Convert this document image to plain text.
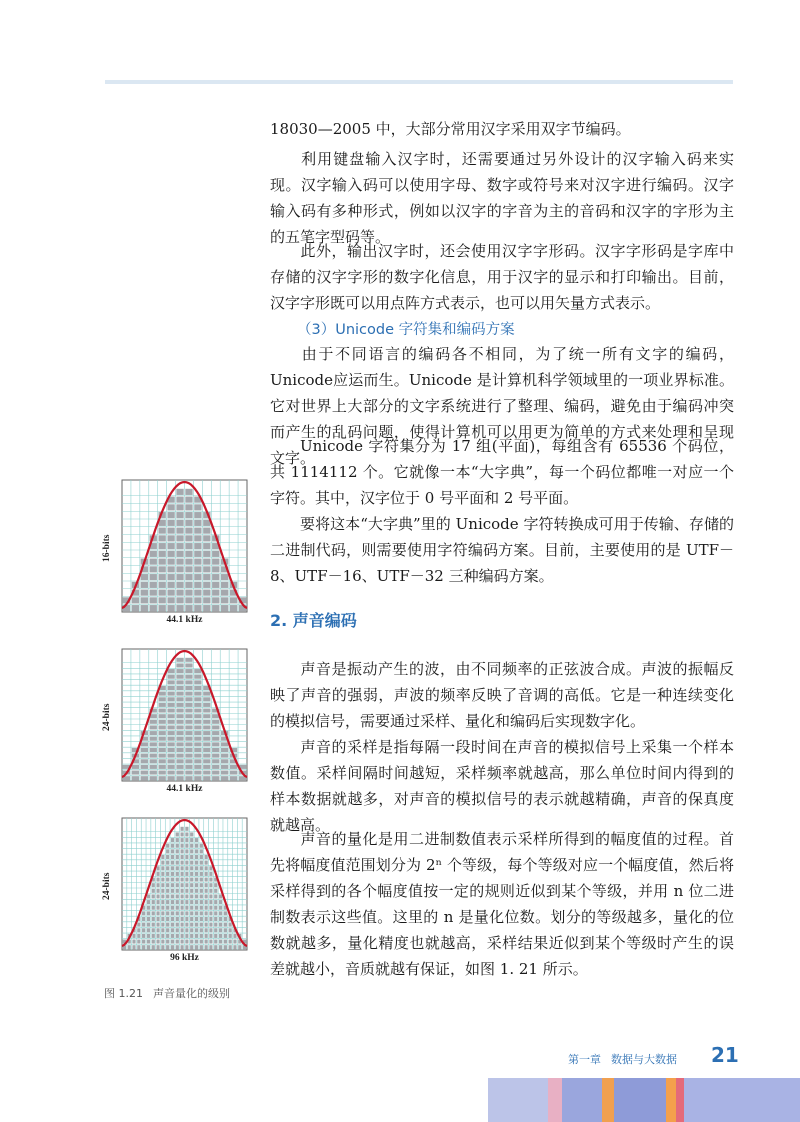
18030—2005 中，大部分常用汉字采用双字节编码。

利用键盘输入汉字时，还需要通过另外设计的汉字输入码来实现。汉字输入码可以使用字母、数字或符号来对汉字进行编码。汉字输入码有多种形式，例如以汉字的字音为主的音码和汉字的字形为主的五笔字型码等。

此外，输出汉字时，还会使用汉字字形码。汉字字形码是字库中存储的汉字字形的数字化信息，用于汉字的显示和打印输出。目前，汉字字形既可以用点阵方式表示，也可以用矢量方式表示。

（3）Unicode 字符集和编码方案

由于不同语言的编码各不相同，为了统一所有文字的编码，Unicode应运而生。Unicode 是计算机科学领域里的一项业界标准。它对世界上大部分的文字系统进行了整理、编码，避免由于编码冲突而产生的乱码问题，使得计算机可以用更为简单的方式来处理和呈现文字。

Unicode 字符集分为 17 组(平面)，每组含有 65536 个码位，共 1114112 个。它就像一本“大字典”，每一个码位都唯一对应一个字符。其中，汉字位于 0 号平面和 2 号平面。

要将这本“大字典”里的 Unicode 字符转换成可用于传输、存储的二进制代码，则需要使用字符编码方案。目前，主要使用的是 UTF－8、UTF－16、UTF－32 三种编码方案。

2. 声音编码

声音是振动产生的波，由不同频率的正弦波合成。声波的振幅反映了声音的强弱，声波的频率反映了音调的高低。它是一种连续变化的模拟信号，需要通过采样、量化和编码后实现数字化。

声音的采样是指每隔一段时间在声音的模拟信号上采集一个样本数值。采样间隔时间越短，采样频率就越高，那么单位时间内得到的样本数据就越多，对声音的模拟信号的表示就越精确，声音的保真度就越高。

声音的量化是用二进制数值表示采样所得到的幅度值的过程。首先将幅度值范围划分为 2ⁿ 个等级，每个等级对应一个幅度值，然后将采样得到的各个幅度值按一定的规则近似到某个等级，并用 n 位二进制数表示这些值。这里的 n 是量化位数。划分的等级越多，量化的位数就越多，量化精度也就越高，采样结果近似到某个等级时产生的误差就越小，音质就越有保证，如图 1. 21 所示。

44.1 kHz
16-bits
44.1 kHz
24-bits
96 kHz
24-bits
图 1.21 声音量化的级别
第一章 数据与大数据	21
